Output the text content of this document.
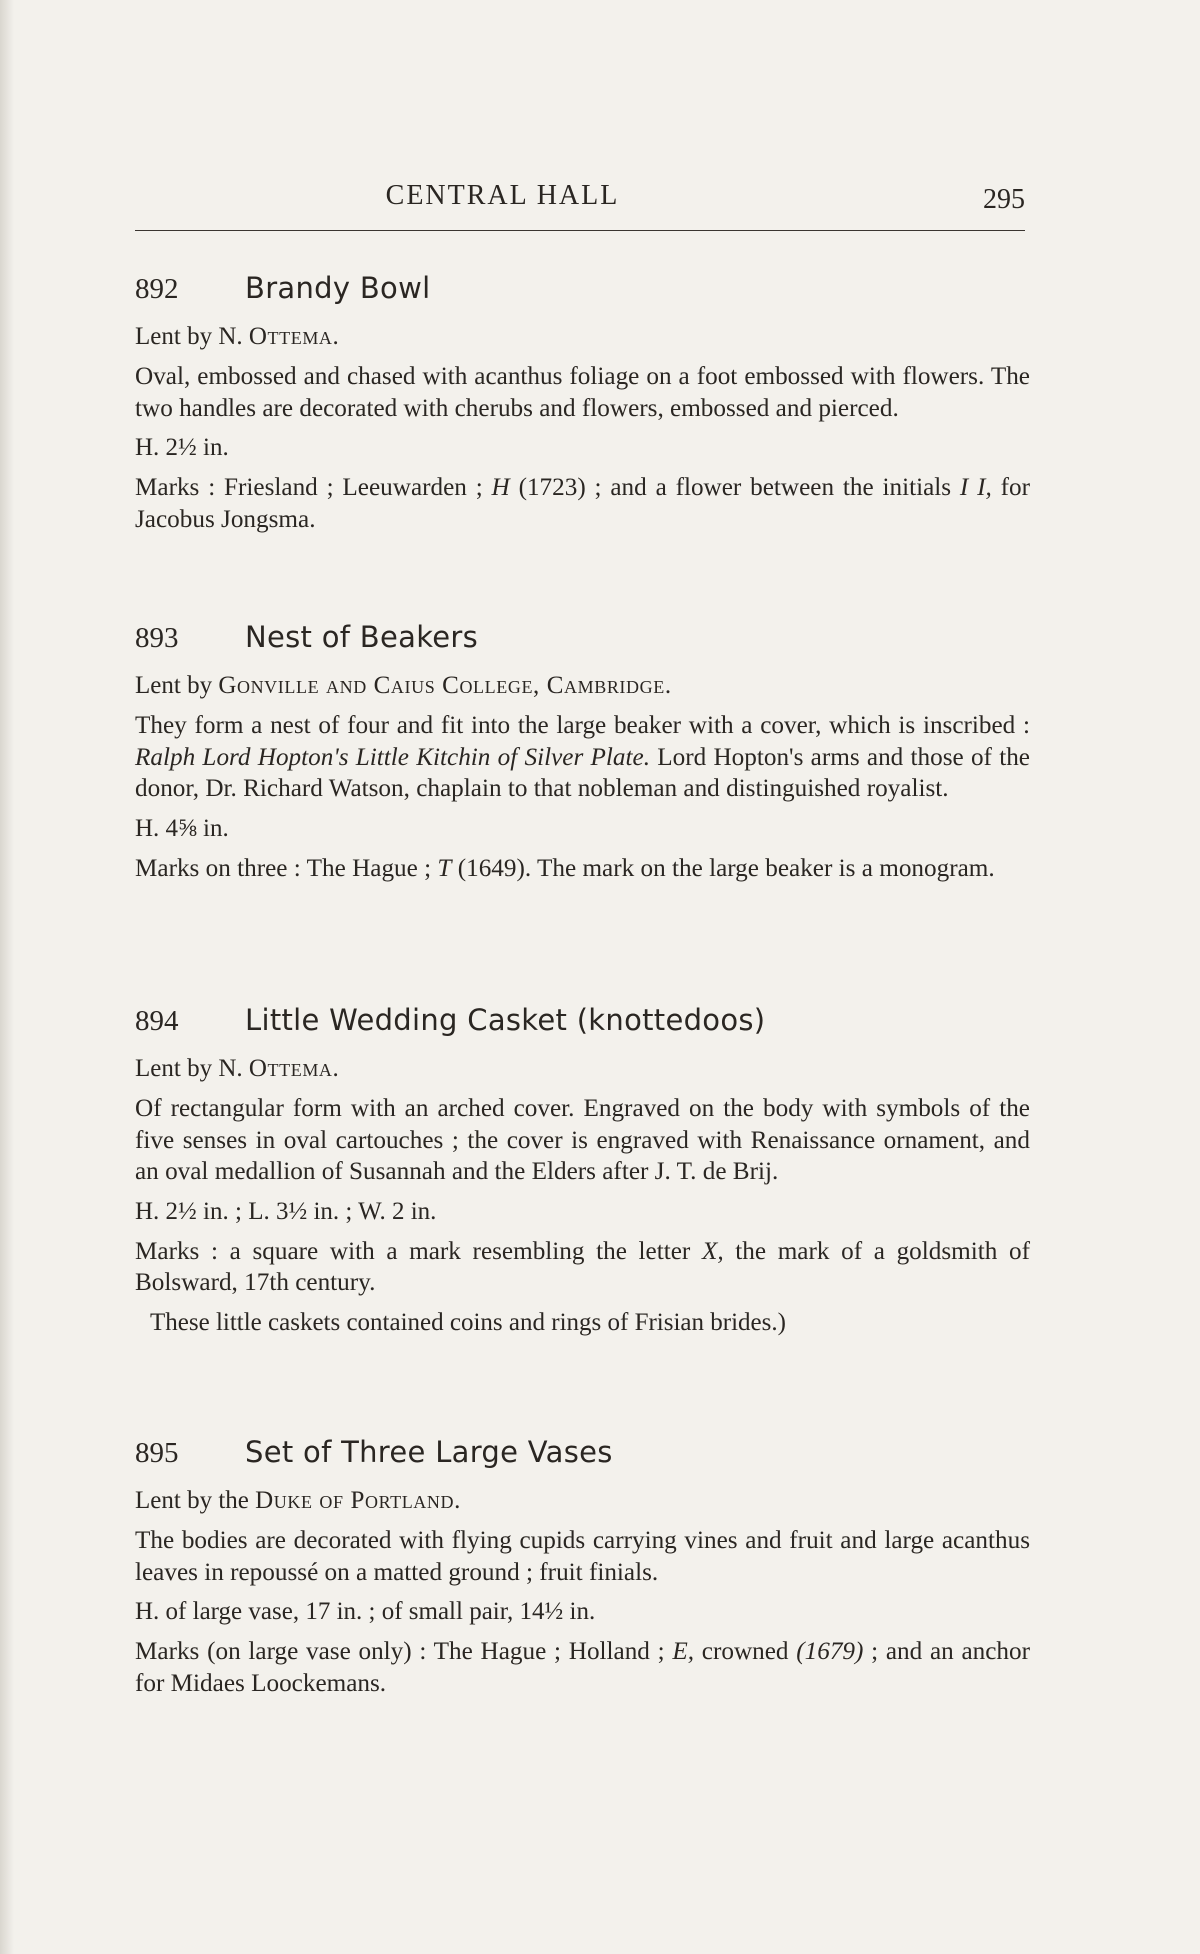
CENTRAL HALL	295
892	Brandy Bowl
Lent by N. Ottema.

Oval, embossed and chased with acanthus foliage on a foot embossed with flowers. The two handles are decorated with cherubs and flowers, embossed and pierced.

H. 2½ in.

Marks : Friesland ; Leeuwarden ; H (1723) ; and a flower between the initials I I, for Jacobus Jongsma.

893	Nest of Beakers
Lent by Gonville and Caius College, Cambridge.

They form a nest of four and fit into the large beaker with a cover, which is inscribed : Ralph Lord Hopton's Little Kitchin of Silver Plate. Lord Hopton's arms and those of the donor, Dr. Richard Watson, chaplain to that nobleman and distinguished royalist.

H. 4⅝ in.

Marks on three : The Hague ; T (1649). The mark on the large beaker is a monogram.

894	Little Wedding Casket (knottedoos)
Lent by N. Ottema.

Of rectangular form with an arched cover. Engraved on the body with symbols of the five senses in oval cartouches ; the cover is engraved with Renaissance ornament, and an oval medallion of Susannah and the Elders after J. T. de Brij.

H. 2½ in. ; L. 3½ in. ; W. 2 in.

Marks : a square with a mark resembling the letter X, the mark of a goldsmith of Bolsward, 17th century.

These little caskets contained coins and rings of Frisian brides.)
895	Set of Three Large Vases
Lent by the Duke of Portland.

The bodies are decorated with flying cupids carrying vines and fruit and large acanthus leaves in repoussé on a matted ground ; fruit finials.

H. of large vase, 17 in. ; of small pair, 14½ in.

Marks (on large vase only) : The Hague ; Holland ; E, crowned (1679) ; and an anchor for Midaes Loockemans.
